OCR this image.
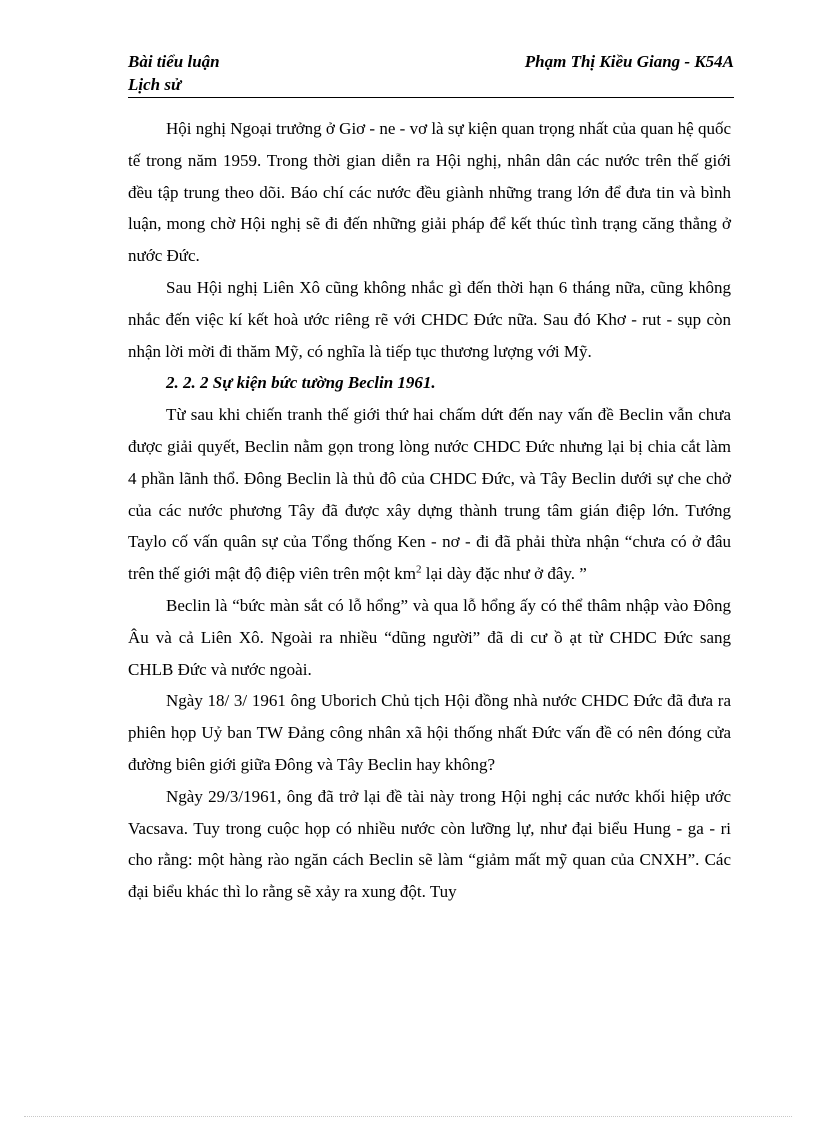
Bài tiểu luận
Lịch sử
Phạm Thị Kiều Giang - K54A

Hội nghị Ngoại trưởng ở Giơ - ne - vơ là sự kiện quan trọng nhất của quan hệ quốc tế trong năm 1959. Trong thời gian diễn ra Hội nghị, nhân dân các nước trên thế giới đều tập trung theo dõi. Báo chí các nước đều giành những trang lớn để đưa tin và bình luận, mong chờ Hội nghị sẽ đi đến những giải pháp để kết thúc tình trạng căng thẳng ở nước Đức.

Sau Hội nghị Liên Xô cũng không nhắc gì đến thời hạn 6 tháng nữa, cũng không nhắc đến việc kí kết hoà ước riêng rẽ với CHDC Đức nữa. Sau đó Khơ - rut - sụp còn nhận lời mời đi thăm Mỹ, có nghĩa là tiếp tục thương lượng với Mỹ.

2. 2. 2 Sự kiện bức tường Beclin 1961.

Từ sau khi chiến tranh thế giới thứ hai chấm dứt đến nay vấn đề Beclin vẫn chưa được giải quyết, Beclin nằm gọn trong lòng nước CHDC Đức nhưng lại bị chia cắt làm 4 phần lãnh thổ. Đông Beclin là thủ đô của CHDC Đức, và Tây Beclin dưới sự che chở của các nước phương Tây đã được xây dựng thành trung tâm gián điệp lớn. Tướng Taylo cố vấn quân sự của Tổng thống Ken - nơ - đi đã phải thừa nhận “chưa có ở đâu trên thế giới mật độ điệp viên trên một $km^2$ lại dày đặc như ở đây. ”

Beclin là “bức màn sắt có lỗ hổng” và qua lỗ hổng ấy có thể thâm nhập vào Đông Âu và cả Liên Xô. Ngoài ra nhiều “dũng người” đã di cư ồ ạt từ CHDC Đức sang CHLB Đức và nước ngoài.

Ngày 18/ 3/ 1961 ông Uborich Chủ tịch Hội đồng nhà nước CHDC Đức đã đưa ra phiên họp Uỷ ban TW Đảng công nhân xã hội thống nhất Đức vấn đề có nên đóng cửa đường biên giới giữa Đông và Tây Beclin hay không?

Ngày 29/3/1961, ông đã trở lại đề tài này trong Hội nghị các nước khối hiệp ước Vacsava. Tuy trong cuộc họp có nhiều nước còn lưỡng lự, như đại biểu Hung - ga - ri cho rằng: một hàng rào ngăn cách Beclin sẽ làm “giảm mất mỹ quan của CNXH”. Các đại biểu khác thì lo rằng sẽ xảy ra xung đột. Tuy
